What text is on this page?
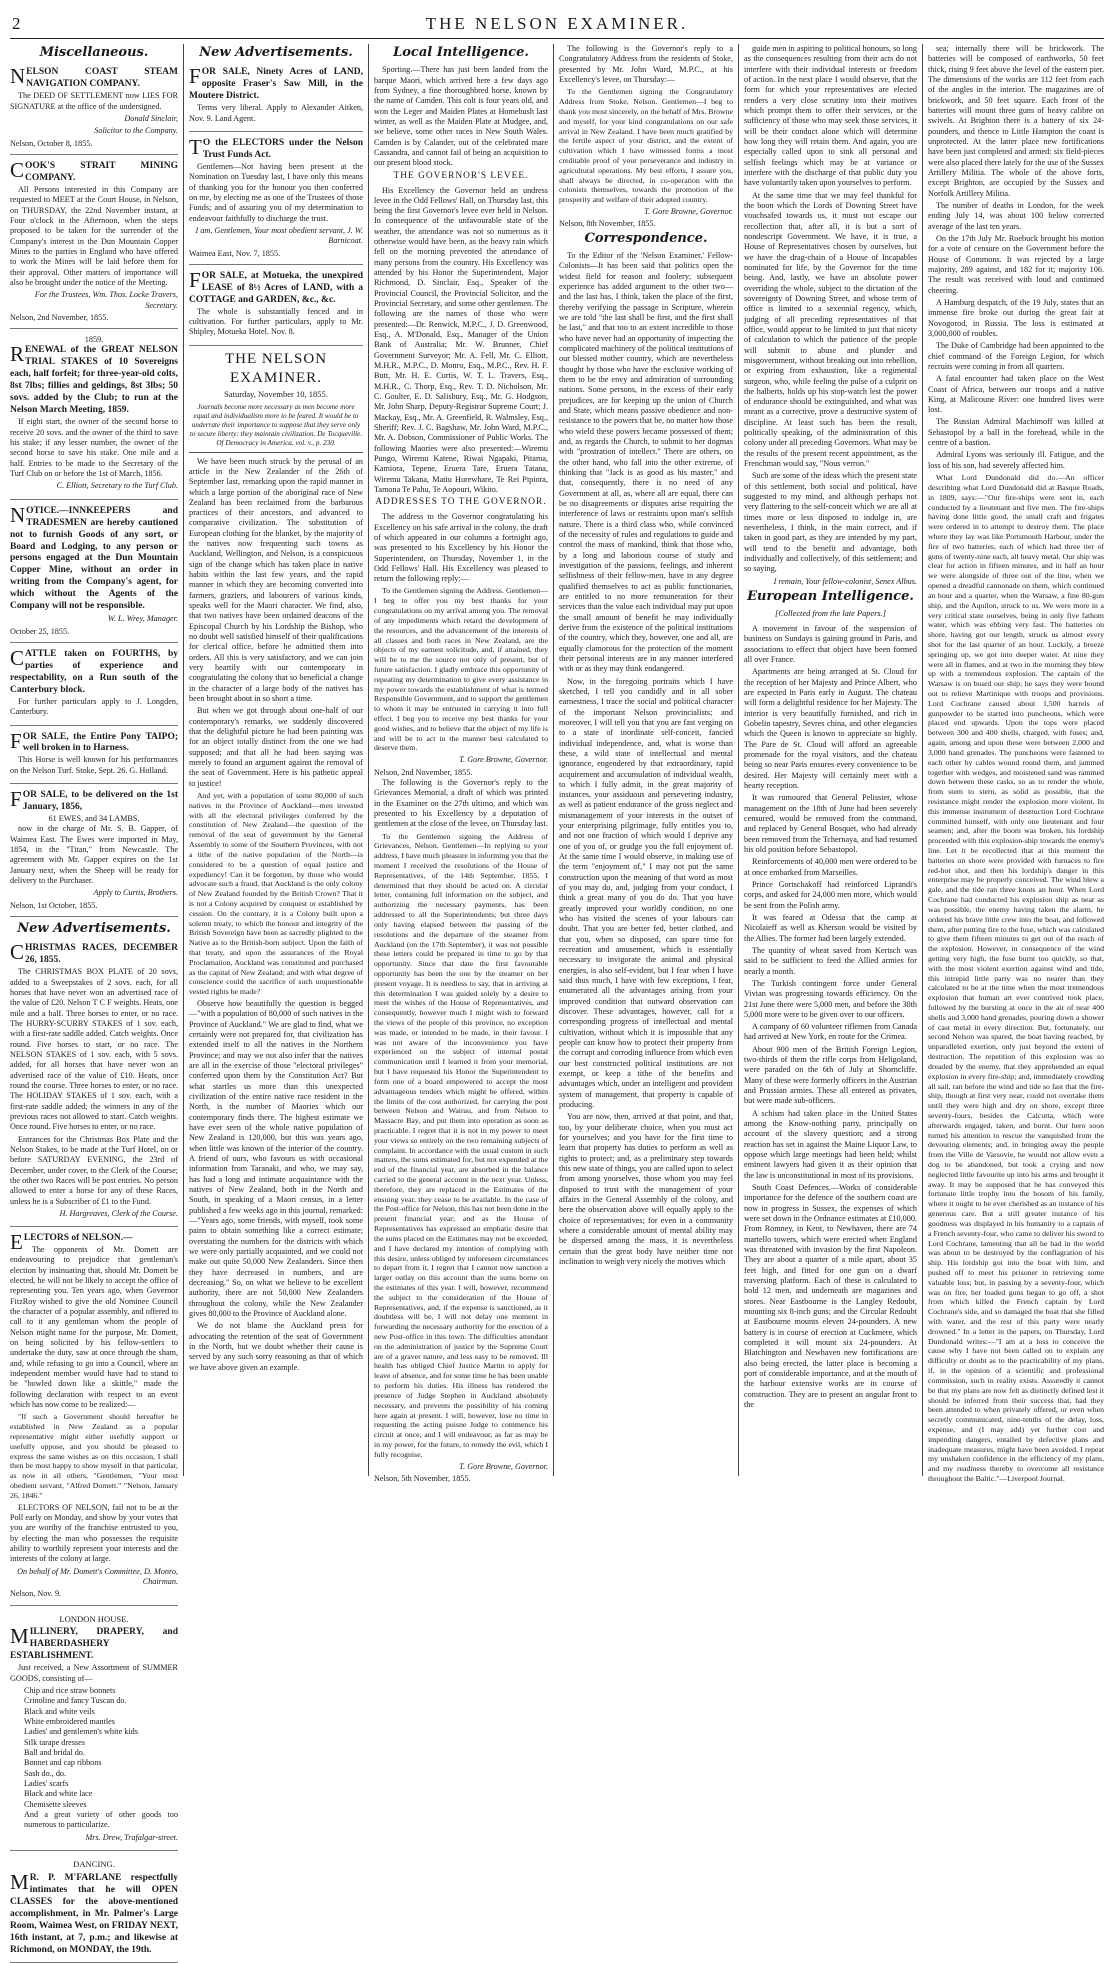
2	THE NELSON EXAMINER.
Miscellaneous.
NELSON COAST STEAM NAVIGATION COMPANY.

The DEED OF SETTLEMENT now LIES FOR SIGNATURE at the office of the undersigned.

Donald Sinclair,
Solicitor to the Company.
Nelson, October 8, 1855.
COOK'S STRAIT MINING COMPANY.

All Persons interested in this Company are requested to MEET at the Court House, in Nelson, on THURSDAY, the 22nd November instant, at Four o'clock in the Afternoon, when the steps proposed to be taken for the surrender of the Company's interest in the Dun Mountain Copper Mines to the parties in England who have offered to work the Mines will be laid before them for their approval. Other matters of importance will also be brought under the notice of the Meeting.

For the Trustees, Wm. Thos. Locke Travers, Secretary.
Nelson, 2nd November, 1855.
1859.
RENEWAL of the GREAT NELSON TRIAL STAKES of 10 Sovereigns each, half forfeit; for three-year-old colts, 8st 7lbs; fillies and geldings, 8st 3lbs; 50 sovs. added by the Club; to run at the Nelson March Meeting, 1859.

If eight start, the owner of the second horse to receive 20 sovs. and the owner of the third to save his stake; if any lesser number, the owner of the second horse to save his stake. One mile and a half. Entries to be made to the Secretary of the Turf Club on or before the 1st of March, 1856.

C. Elliott, Secretary to the Turf Club.
NOTICE.—INNKEEPERS and TRADESMEN are hereby cautioned not to furnish Goods of any sort, or Board and Lodging, to any person or persons engaged at the Dun Mountain Copper Mine, without an order in writing from the Company's agent, for which without the Agents of the Company will not be responsible.
W. L. Wrey, Manager.
October 25, 1855.
CATTLE taken on FOURTHS, by parties of experience and respectability, on a Run south of the Canterbury block.

For further particulars apply to J. Longden, Canterbury.

FOR SALE, the Entire Pony TAIPO; well broken in to Harness.

This Horse is well known for his performances on the Nelson Turf. Stoke, Sept. 26. G. Holland.

FOR SALE, to be delivered on the 1st January, 1856,
61 EWES, and 34 LAMBS,

now in the charge of Mr. S. B. Gapper, of Waimea East. The Ewes were imported in May, 1854, in the "Titan," from Newcastle. The agreement with Mr. Gapper expires on the 1st January next, when the Sheep will be ready for delivery to the Purchaser.

Apply to Curtis, Brothers.
Nelson, 1st October, 1855.
New Advertisements.
CHRISTMAS RACES, DECEMBER 26, 1855.

The CHRISTMAS BOX PLATE of 20 sovs, added to a Sweepstakes of 2 sovs. each, for all horses that have never won an advertised race of the value of £20. Nelson T C F weights. Heats, one mile and a half. Three horses to enter, or no race. The HURRY-SCURRY STAKES of 1 sov. each, with a first-rate saddle added. Catch weights. Once round. Five horses to start, or no race. The NELSON STAKES of 1 sov. each, with 5 sovs. added, for all horses that have never won an advertised race of the value of £10. Heats, once round the course. Three horses to enter, or no race. The HOLIDAY STAKES of 1 sov. each, with a first-rate saddle added; the winners in any of the previous races not allowed to start. Catch weights. Once round. Five horses to enter, or no race.

Entrances for the Christmas Box Plate and the Nelson Stakes, to be made at the Turf Hotel, on or before SATURDAY EVENING, the 23rd of December, under cover, to the Clerk of the Course; the other two Races will be post entries. No person allowed to enter a horse for any of these Races, unless he is a Subscriber of £1 to the Fund.

H. Hargreaves, Clerk of the Course.
ELECTORS of NELSON.—

The opponents of Mr. Domett are endeavouring to prejudice that gentleman's election by insinuating that, should Mr. Domett be elected, he will not be likely to accept the office of representing you. Ten years ago, when Governor FitzRoy wished to give the old Nominee Council the character of a popular assembly, and offered to call to it any gentleman whom the people of Nelson might name for the purpose, Mr. Domett, on being solicited by his fellow-settlers to undertake the duty, saw at once through the sham, and, while refusing to go into a Council, where an independent member would have had to stand to be "bowled down like a skittle," made the following declaration with respect to an event which has now come to be realized:—

"If such a Government should hereafter be established in New Zealand as a popular representative might either usefully support or usefully oppose, and you should be pleased to express the same wishes as on this occasion, I shall then be most happy to show myself in that particular, as now in all others, "Gentlemen, "Your most obedient servant, "Alfred Domett." "Nelson, January 26, 1846."

ELECTORS OF NELSON, fail not to be at the Poll early on Monday, and show by your votes that you are worthy of the franchise entrusted to you, by electing the man who possesses the requisite ability to worthily represent your interests and the interests of the colony at large.

On behalf of Mr. Domett's Committee, D. Monro, Chairman.
Nelson, Nov. 9.
LONDON HOUSE.
MILLINERY, DRAPERY, and HABERDASHERY ESTABLISHMENT.

Just received, a New Assortment of SUMMER GOODS, consisting of—

Chip and rice straw bonnets
Crinoline and fancy Tuscan do.
Black and white veils
White embroidered mantles
Ladies' and gentlemen's white kids
Silk tarape dresses
Ball and bridal do.
Bonnet and cap ribbons
Sash do., do.
Ladies' scarfs
Black and white lace
Chemisette sleeves
And a great variety of other goods too numerous to particularize.
Mrs. Drew, Trafalgar-street.
DANCING.
MR. P. M'FARLANE respectfully intimates that he will OPEN CLASSES for the above-mentioned accomplishment, in Mr. Palmer's Large Room, Waimea West, on FRIDAY NEXT, 16th instant, at 7, p.m.; and likewise at Richmond, on MONDAY, the 19th.
New Advertisements.
FOR SALE, Ninety Acres of LAND, opposite Fraser's Saw Mill, in the Moutere District.

Terms very liberal. Apply to Alexander Aitken, Nov. 9. Land Agent.

TO the ELECTORS under the Nelson Trust Funds Act.

Gentlemen—Not having been present at the Nomination on Tuesday last, I have only this means of thanking you for the honour you then conferred on me, by electing me as one of the Trustees of those Funds; and of assuring you of my determination to endeavour faithfully to discharge the trust.

I am, Gentlemen, Your most obedient servant, J. W. Barnicoat.
Waimea East, Nov. 7, 1855.
FOR SALE, at Motueka, the unexpired LEASE of 8½ Acres of LAND, with a COTTAGE and GARDEN, &c., &c.

The whole is substantially fenced and in cultivation. For further particulars, apply to Mr. Shipley, Motueka Hotel. Nov. 8.

THE NELSON EXAMINER.
Saturday, November 10, 1855.
Journals become more necessary as men become more equal and individualism more to be feared. It would be to underrate their importance to suppose that they serve only to secure liberty: they maintain civilization. De Tocqueville. Of Democracy in America, vol. v., p. 230.

We have been much struck by the perusal of an article in the New Zealander of the 26th of September last, remarking upon the rapid manner in which a large portion of the aboriginal race of New Zealand has been reclaimed from the barbarous practices of their ancestors, and advanced to comparative civilization. The substitution of European clothing for the blanket, by the majority of the natives now frequenting such towns as Auckland, Wellington, and Nelson, is a conspicuous sign of the change which has taken place in native habits within the last few years, and the rapid manner in which they are becoming converted into farmers, graziers, and labourers of various kinds, speaks well for the Maori character. We find, also, that two natives have been ordained deacons of the Episcopal Church by his Lordship the Bishop, who no doubt well satisfied himself of their qualifications for clerical office, before he admitted them into orders. All this is very satisfactory, and we can join very heartily with our contemporary in congratulating the colony that so beneficial a change in the character of a large body of the natives has been brought about in so short a time.

But when we got through about one-half of our contemporary's remarks, we suddenly discovered that the delightful picture he had been painting was for an object totally distinct from the one we had supposed; and that all he had been saying was merely to found an argument against the removal of the seat of Government. Here is his pathetic appeal to justice!

And yet, with a population of some 80,000 of such natives in the Province of Auckland—men invested with all the electoral privileges conferred by the constitution of New Zealand—the question of the removal of the seat of government by the General Assembly to some of the Southern Provinces, with not a tithe of the native population of the North—is considered to be a question of equal justice and expediency! Can it be forgotten, by those who would advocate such a fraud, that Auckland is the only colony of New Zealand founded by the British Crown? That it is not a Colony acquired by conquest or established by cession. On the contrary, it is a Colony built upon a solemn treaty, to which the honour and integrity of the British Sovereign have been as sacredly plighted to the Native as to the British-born subject. Upon the faith of that treaty, and upon the assurances of the Royal Proclamation, Auckland was constituted and purchased as the capital of New Zealand; and with what degree of conscience could the sacrifice of such unquestionable vested rights be made?

Observe how beautifully the question is begged—"with a population of 80,000 of such natives in the Province of Auckland." We are glad to find, what we certainly were not prepared for, that civilization has extended itself to all the natives in the Northern Province; and may we not also infer that the natives are all in the exercise of those "electoral privileges" conferred upon them by the Constitution Act? But what startles us more than this unexpected civilization of the entire native race resident in the North, is the number of Maories which our contemporary finds there. The highest estimate we have ever seen of the whole native population of New Zealand is 120,000, but this was years ago, when little was known of the interior of the country. A friend of ours, who favours us with occasional information from Taranaki, and who, we may say, has had a long and intimate acquaintance with the natives of New Zealand, both in the North and South, in speaking of a Maori census, in a letter published a few weeks ago in this journal, remarked:—"Years ago, some friends, with myself, took some pains to obtain something like a correct estimate; overstating the numbers for the districts with which we were only partially acquainted, and we could not make out quite 50,000 New Zealanders. Since then they have decreased in numbers, and are decreasing." So, on what we believe to be excellent authority, there are not 50,000 New Zealanders throughout the colony, while the New Zealander gives 80,000 to the Province of Auckland alone.

We do not blame the Auckland press for advocating the retention of the seat of Government in the North, but we doubt whether their cause is served by any such sorry reasoning as that of which we have above given an example.

Local Intelligence.

Sporting.—There has just been landed from the barque Maori, which arrived here a few days ago from Sydney, a fine thoroughbred horse, known by the name of Camden. This colt is four years old, and won the Leger and Maiden Plates at Homebush last winter, as well as the Maiden Plate at Mudgee, and, we believe, some other races in New South Wales. Camden is by Calander, out of the celebrated mare Cassandra, and cannot fail of being an acquisition to our present blood stock.

THE GOVERNOR'S LEVEE.

His Excellency the Governor held an undress levee in the Odd Fellows' Hall, on Thursday last, this being the first Governor's levee ever held in Nelson. In consequence of the unfavourable state of the weather, the attendance was not so numerous as it otherwise would have been, as the heavy rain which fell on the morning prevented the attendance of many persons from the country. His Excellency was attended by his Honor the Superintendent, Major Richmond, D. Sinclair, Esq., Speaker of the Provincial Council, the Provincial Solicitor, and the Provincial Secretary, and some other gentlemen. The following are the names of those who were presented:—Dr. Renwick, M.P.C., J. D. Greenwood, Esq., A. M'Donald, Esq., Manager of the Union Bank of Australia; Mr. W. Brunner, Chief Government Surveyor; Mr. A. Fell, Mr. C. Elliott, M.H.R., M.P.C., D. Monro, Esq., M.P.C., Rev. H. F. Butt, Mr. H. E. Curtis, W. T. L. Travers, Esq., M.H.R., C. Thorp, Esq., Rev. T. D. Nicholson, Mr. C. Goulter, E. D. Salisbury, Esq., Mr. G. Hodgson, Mr. John Sharp, Deputy-Registrar Supreme Court; J. Mackay, Esq., Mr. A. Greenfield, R. Walmsley, Esq., Sheriff; Rev. J. C. Bagshaw, Mr. John Ward, M.P.C., Mr. A. Dobson, Commissioner of Public Works. The following Maories were also presented:—Wiremu Pungo, Wiremu Katene, Riwai Ngapaki, Pitama, Kamiora, Tepene, Eruera Tare, Eruera Tatana, Wiremu Takana, Matiu Hurewhare, Te Rei Pipiora, Tamona Te Pahu, Te Aopouri, Wikito.

ADDRESSES TO THE GOVERNOR.

The address to the Governor congratulating his Excellency on his safe arrival in the colony, the draft of which appeared in our columns a fortnight ago, was presented to his Excellency by his Honor the Superintendent, on Thursday, November 1, in the Odd Fellows' Hall. His Excellency was pleased to return the following reply:—

To the Gentlemen signing the Address. Gentlemen—I beg to offer you my best thanks for your congratulations on my arrival among you. The removal of any impediments which retard the development of the resources, and the advancement of the interests of all classes and both races in New Zealand, are the objects of my earnest solicitude, and, if attained, they will be to me the source not only of present, but of future satisfaction. I gladly embrace this opportunity of repeating my determination to give every assistance in my power towards the establishment of what is termed Responsible Government, and to support the gentlemen to whom it may be entrusted in carrying it into full effect. I beg you to receive my best thanks for your good wishes, and to believe that the object of my life is and will be to act in the manner best calculated to deserve them.

T. Gore Browne, Governor.
Nelson, 2nd November, 1855.

The following is the Governor's reply to the Grievances Memorial, a draft of which was printed in the Examiner on the 27th ultimo, and which was presented to his Excellency by a deputation of gentlemen at the close of the levee, on Thursday last.

To the Gentlemen signing the Address of Grievances, Nelson. Gentlemen—In replying to your address, I have much pleasure in informing you that the moment I received the resolutions of the House of Representatives, of the 14th September, 1855, I determined that they should be acted on. A circular letter, containing full information on the subject, and authorizing the necessary payments, has been addressed to all the Superintendents; but three days only having elapsed between the passing of the resolutions and the departure of the steamer from Auckland (on the 17th September), it was not possible these letters could be prepared in time to go by that opportunity. Since that date the first favourable opportunity has been the one by the steamer on her present voyage. It is needless to say, that in arriving at this determination I was guided solely by a desire to meet the wishes of the House of Representatives, and consequently, however much I might wish to forward the views of the people of this province, no exception was made, or intended to be made, in their favour. I was not aware of the inconvenience you have experienced on the subject of internal postal communication until I learned it from your memorial, but I have requested his Honor the Superintendent to form one of a board empowered to accept the most advantageous tenders which might be offered, within the limits of the cost authorized, for carrying the post between Nelson and Wairau, and from Nelson to Massacre Bay, and put them into operation as soon as practicable. I regret that it is not in my power to meet your views so entirely on the two remaining subjects of complaint. In accordance with the usual custom in such matters, the sums estimated for, but not expended at the end of the financial year, are absorbed in the balance carried to the general account in the next year. Unless, therefore, they are replaced in the Estimates of the ensuing year, they cease to be available. In the case of the Post-office for Nelson, this has not been done in the present financial year; and as the House of Representatives has expressed an emphatic desire that the sums placed on the Estimates may not be exceeded, and I have declared my intention of complying with this desire, unless obliged by unforeseen circumstances to depart from it, I regret that I cannot now sanction a larger outlay on this account than the sums borne on the estimates of this year. I will, however, recommend the subject to the consideration of the House of Representatives, and, if the expense is sanctioned, as it doubtless will be, I will not delay one moment in forwarding the necessary authority for the erection of a new Post-office in this town. The difficulties attendant on the administration of justice by the Supreme Court are of a graver nature, and less easy to be removed. Ill health has obliged Chief Justice Martin to apply for leave of absence, and for some time he has been unable to perform his duties. His illness has rendered the presence of Judge Stephen in Auckland absolutely necessary, and prevents the possibility of his coming here again at present. I will, however, lose no time in requesting the acting puisne Judge to commence his circuit at once, and I will endeavour, as far as may be in my power, for the future, to remedy the evil, which I fully recognise.

T. Gore Browne, Governor.
Nelson, 5th November, 1855.

The following is the Governor's reply to a Congratulatory Address from the residents of Stoke, presented by Mr. John Ward, M.P.C., at his Excellency's levee, on Thursday:—

To the Gentlemen signing the Congratulatory Address from Stoke, Nelson. Gentlemen—I beg to thank you most sincerely, on the behalf of Mrs. Browne and myself, for your kind congratulations on our safe arrival in New Zealand. I have been much gratified by the fertile aspect of your district, and the extent of cultivation which I have witnessed forms a most creditable proof of your perseverance and industry in agricultural operations. My best efforts, I assure you, shall always be directed, in co-operation with the colonists themselves, towards the promotion of the prosperity and welfare of their adopted country.

T. Gore Browne, Governor.
Nelson, 8th November, 1855.
Correspondence.

To the Editor of the 'Nelson Examiner.' Fellow-Colonists—It has been said that politics open the widest field for reason and foolery; subsequent experience has added argument to the other two—and the last has, I think, taken the place of the first, thereby verifying the passage in Scripture, wherein we are told "the last shall be first, and the first shall be last," and that too to an extent incredible to those who have never had an opportunity of inspecting the complicated machinery of the political institutions of our blessed mother country, which are nevertheless thought by those who have the exclusive working of them to be the envy and admiration of surrounding nations. Some persons, in the excess of their early prejudices, are for keeping up the union of Church and State, which means passive obedience and non-resistance to the powers that be, no matter how those who wield these powers became possessed of them; and, as regards the Church, to submit to her dogmas with "prostration of intellect." There are others, on the other hand, who fall into the other extreme, of thinking that "Jack is as good as his master," and that, consequently, there is no need of any Government at all, as, where all are equal, there can be no disagreements or disputes arise requiring the interference of laws or restraints upon man's selfish nature. There is a third class who, while convinced of the necessity of rules and regulations to guide and control the mass of mankind, think that those who, by a long and laborious course of study and investigation of the passions, feelings, and inherent selfishness of their fellow-men, have in any degree qualified themselves to act as public functionaries, are entitled to no more remuneration for their services than the value each individual may put upon the small amount of benefit he may individually derive from the existence of the political institutions of the country, which they, however, one and all, are equally clamorous for the protection of the moment their personal interests are in any manner interfered with or as they may think endangered.

Now, in the foregoing portraits which I have sketched, I tell you candidly and in all sober earnestness, I trace the social and political character of the important Nelson provincialists; and moreover, I will tell you that you are fast verging on to a state of inordinate self-conceit, fancied individual independence, and, what is worse than these, a wild state of intellectual and mental ignorance, engendered by that extraordinary, rapid acquirement and accumulation of individual wealth, to which I fully admit, in the great majority of instances, your assiduous and persevering industry, as well as patient endurance of the gross neglect and mismanagement of your interests in the outset of your enterprising pilgrimage, fully entitles you to, and not one fraction of which would I deprive any one of you of, or grudge you the full enjoyment of. At the same time I would observe, in making use of the term "enjoyment of," I may not put the same construction upon the meaning of that word as most of you may do, and, judging from your conduct, I think a great many of you do do. That you have greatly improved your worldly condition, no one who has visited the scenes of your labours can doubt. That you are better fed, better clothed, and that you, when so disposed, can spare time for recreation and amusement, which is essentially necessary to invigorate the animal and physical energies, is also self-evident, but I fear when I have said thus much, I have with few exceptions, I fear, enumerated all the advantages arising from your improved condition that outward observation can discover. These advantages, however, call for a corresponding progress of intellectual and mental cultivation, without which it is impossible that any people can know how to protect their property from the corrupt and corroding influence from which even our best constructed political institutions are not exempt, or keep a tithe of the benefits and advantages which, under an intelligent and provident system of management, that property is capable of producing.

You are now, then, arrived at that point, and that, too, by your deliberate choice, when you must act for yourselves; and you have for the first time to learn that property has duties to perform as well as rights to protect; and, as a preliminary step towards this new state of things, you are called upon to select from among yourselves, those whom you may feel disposed to trust with the management of your affairs in the General Assembly of the colony, and here the observation above will equally apply to the choice of representatives; for even in a community where a considerable amount of mental ability may be dispersed among the mass, it is nevertheless certain that the great body have neither time nor inclination to weigh very nicely the motives which

guide men in aspiring to political honours, so long as the consequences resulting from their acts do not interfere with their individual interests or freedom of action. In the next place I would observe, that the form for which your representatives are elected renders a very close scrutiny into their motives which prompt them to offer their services, or the sufficiency of those who may seek those services, it will be their conduct alone which will determine how long they will retain them. And again, you are especially called upon to sink all personal and selfish feelings which may be at variance or interfere with the discharge of that public duty you have voluntarily taken upon yourselves to perform.

At the same time that we may feel thankful for the boon which the Lords of Downing Street have vouchsafed towards us, it must not escape our recollection that, after all, it is but a sort of nondescript Government. We have, it is true, a House of Representatives chosen by ourselves, but we have the drag-chain of a House of Incapables nominated for life, by the Governor for the time being. And, lastly, we have an absolute power overriding the whole, subject to the dictation of the sovereignty of Downing Street, and whose term of office is limited to a sexennial regency, which, judging of all preceding representatives of that office, would appear to be limited to just that nicety of calculation to which the patience of the people will submit to abuse and plunder and misgovernment, without breaking out into rebellion, or expiring from exhaustion, like a regimental surgeon, who, while feeling the pulse of a culprit on the halberts, holds up his stop-watch lest the power of endurance should be extinguished, and what was meant as a corrective, prove a destructive system of discipline. At least such has been the result, politically speaking, of the administration of this colony under all preceding Governors. What may be the results of the present recent appointment, as the Frenchman would say, "Nous verron."

Such are some of the ideas which the present state of this settlement, both social and political, have suggested to my mind, and although perhaps not very flattering to the self-conceit which we are all at times more or less disposed to indulge in, are nevertheless, I think, in the main correct, and if taken in good part, as they are intended by my part, will tend to the benefit and advantage, both individually and collectively, of this settlement; and so saying,

I remain, Your fellow-colonist, Senex Albus.
European Intelligence.
[Collected from the late Papers.]

A movement in favour of the suspension of business on Sundays is gaining ground in Paris, and associations to effect that object have been formed all over France.

Apartments are being arranged at St. Cloud for the reception of her Majesty and Prince Albert, who are expected in Paris early in August. The chateau will form a delightful residence for her Majesty. The interior is very beautifully furnished, and rich in Gobelin tapestry, Sevres china, and other elegancies which the Queen is known to appreciate so highly. The Pare de St. Cloud will afford an agreeable promenade for the royal visitors, and the chateau being so near Paris ensures every convenience to be desired. Her Majesty will certainly meet with a hearty reception.

It was rumoured that General Pelissier, whose management on the 18th of June had been severely censured, would be removed from the command, and replaced by General Bosquet, who had already been removed from the Tchernaya, and had resumed his old position before Sebastopol.

Reinforcements of 40,000 men were ordered to be at once embarked from Marseilles.

Prince Gortschakoff had reinforced Liprandi's corps, and asked for 24,000 men more, which would be sent from the Polish army.

It was feared at Odessa that the camp at Nicolaieff as well as Kherson would be visited by the Allies. The former had been largely extended.

The quantity of wheat saved from Kertsch was said to be sufficient to feed the Allied armies for nearly a month.

The Turkish contingent force under General Vivian was progressing towards efficiency. On the 21st June there were 5,000 men, and before the 30th 5,000 more were to be given over to our officers.

A company of 60 volunteer riflemen from Canada had arrived at New York, en route for the Crimea.

About 900 men of the British Foreign Legion, two-thirds of them the rifle corps from Heligoland, were paraded on the 6th of July at Shorncliffe. Many of these were formerly officers in the Austrian and Prussian armies. These all entered as privates, but were made sub-officers.

A schism had taken place in the United States among the Know-nothing party, principally on account of the slavery question; and a strong reaction has set in against the Maine Liquor Law, to oppose which large meetings had been held; whilst eminent lawyers had given it as their opinion that the law is unconstitutional in most of its provisions.

South Coast Defences.—Works of considerable importance for the defence of the southern coast are now in progress in Sussex, the expenses of which were set down in the Ordnance estimates at £10,000. From Romney, in Kent, to Newhaven, there are 74 martello towers, which were erected when England was threatened with invasion by the first Napoleon. They are about a quarter of a mile apart, about 35 feet high, and fitted for one gun on a dwarf traversing platform. Each of these is calculated to hold 12 men, and underneath are magazines and stores. Near Eastbourne is the Langley Redoubt, mounting six 8-inch guns; and the Circular Redoubt at Eastbourne mounts eleven 24-pounders. A new battery is in course of erection at Cuckmere, which completed it will mount six 24-pounders. At Blatchington and Newhaven new fortifications are also being erected, the latter place is becoming a port of considerable importance, and at the mouth of the harbour extensive works are in course of construction. They are to present an angular front to the

sea; internally there will be brickwork. The batteries will be composed of earthworks, 50 feet thick, rising 9 feet above the level of the eastern pier. The dimensions of the works are 112 feet from each of the angles in the interior. The magazines are of brickwork, and 50 feet square. Each front of the batteries will mount three guns of heavy calibre on swivels. At Brighton there is a battery of six 24-pounders, and thence to Little Hampton the coast is unprotected. At the latter place new fortifications have been just completed and armed: six field-pieces were also placed there lately for the use of the Sussex Artillery Militia. The whole of the above forts, except Brighton, are occupied by the Sussex and Norfolk Artillery Militia.

The number of deaths in London, for the week ending July 14, was about 100 below corrected average of the last ten years.

On the 17th July Mr. Roebuck brought his motion for a vote of censure on the Government before the House of Commons. It was rejected by a large majority, 289 against, and 182 for it; majority 106. The result was received with loud and continued cheering.

A Hamburg despatch, of the 19 July, states that an immense fire broke out during the great fair at Novogorod, in Russia. The loss is estimated at 3,000,000 of roubles.

The Duke of Cambridge had been appointed to the chief command of the Foreign Legion, for which recruits were coming in from all quarters.

A fatal encounter had taken place on the West Coast of Africa, between our troops and a native King, at Malicoune River: one hundred lives were lost.

The Russian Admiral Machimoff was killed at Sebastopol by a ball in the forehead, while in the centre of a bastion.

Admiral Lyons was seriously ill. Fatigue, and the loss of his son, had severely affected him.

What Lord Dundonald did do.—An officer describing what Lord Dundonald did at Basque Roads, in 1809, says:—"Our fire-ships were sent in, each conducted by a lieutenant and five men. The fire-ships having done little good, the small craft and frigates were ordered in to attempt to destroy them. The place where they lay was like Portsmouth Harbour, under the fire of two batteries, each of which had three tier of guns of twenty-nine each, all heavy metal. Our ship was clear for action in fifteen minutes, and in half an hour we were alongside of three out of the line, when we opened a dreadful cannonade on them, which continued an hour and a quarter, when the Warsaw, a fine 80-gun ship, and the Aquilon, struck to us. We were more in a very critical state ourselves, being in only five fathom water, which was ebbing very fast. The batteries on shore, having got our length, struck us almost every shot for the last quarter of an hour. Luckily, a breeze springing up, we got into deeper water. At nine they were all in flames, and at two in the morning they blew up with a tremendous explosion. The captain of the Warsaw is on board our ship; he says they were bound out to relieve Martinique with troops and provisions. Lord Cochrane caused about 1,500 barrels of gunpowder to be started into puncheons, which were placed end upwards. Upon the tops were placed between 300 and 400 shells, charged, with fuses; and, again, among and upon these were between 2,000 and 3,000 hand grenades. The puncheons were fastened to each other by cables wound round them, and jammed together with wedges, and moistened sand was rammed down between these casks, so as to render the whole, from stem to stern, as solid as possible, that the resistance might render the explosion more violent. In this immense instrument of destruction Lord Cochrane committed himself, with only one lieutenant and four seamen; and, after the boom was broken, his lordship proceeded with this explosion-ship towards the enemy's line. Let it be recollected that at this moment the batteries on shore were provided with furnaces to fire red-hot shot, and then his lordship's danger in this enterprise may be properly conceived. The wind blew a gale, and the tide ran three knots an hour. When Lord Cochrane had conducted his explosion ship as near as was possible, the enemy having taken the alarm, he ordered his brave little crew into the boat, and followed them, after putting fire to the fuse, which was calculated to give them fifteen minutes to get out of the reach of the explosion. However, in consequence of the wind getting very high, the fuse burnt too quickly, so that, with the most violent exertion against wind and tide, this intrepid little party was no nearer than they calculated to be at the time when the most tremendous explosion that human art ever contrived took place, followed by the bursting at once in the air of near 400 shells and 3,000 hand grenades, pouring down a shower of cast metal in every direction. But, fortunately, our second Nelson was spared, the boat having reached, by unparalleled exertion, only just beyond the extent of destruction. The repetition of this explosion was so dreaded by the enemy, that they apprehended an equal explosion in every fire-ship; and, immediately crowding all sail, ran before the wind and tide so fast that the fire-ship, though at first very near, could not overtake them until they were high and dry on shore, except three seventy-fours, besides the Calcutta, which were afterwards engaged, taken, and burnt. Our hero soon turned his attention to rescue the vanquished from the devouring elements; and, in bringing away the people from the Ville de Varsovie, he would not allow even a dog to be abandoned, but took a crying and now neglected little favourite up into his arms and brought it away. It may be supposed that he has conveyed this fortunate little trophy into the bosom of his family, where it ought to be ever cherished as an instance of his generous care. But a still greater instance of his goodness was displayed in his humanity to a captain of a French seventy-four, who came to deliver his sword to Lord Cochrane, lamenting that all he had in the world was about to be destroyed by the conflagration of his ship. His lordship got into the boat with him, and pushed off to meet his prisoner in retrieving some valuable loss; but, in passing by a seventy-four, which was on fire, her loaded guns began to go off, a shot from which killed the French captain by Lord Cochrane's side, and so damaged the boat that she filled with water, and the rest of this party were nearly drowned." In a letter in the papers, on Thursday, Lord Dundonald writes:—"I am at a loss to conceive the cause why I have not been called on to explain any difficulty or doubt as to the practicability of my plans, if, in the opinion of a scientific and professional commission, such in reality exists. Assuredly it cannot be that my plans are now felt as distinctly defined lest it should be inferred from their success that, had they been attended to when privately offered, or even when secretly communicated, nine-tenths of the delay, loss, expense, and (I may add) yet further cost and impending dangers, entailed by defective plans and inadequate measures, might have been avoided. I repeat my unshaken confidence in the efficiency of my plans, and my readiness thereby to overcome all resistance throughout the Baltic."—Liverpool Journal.
